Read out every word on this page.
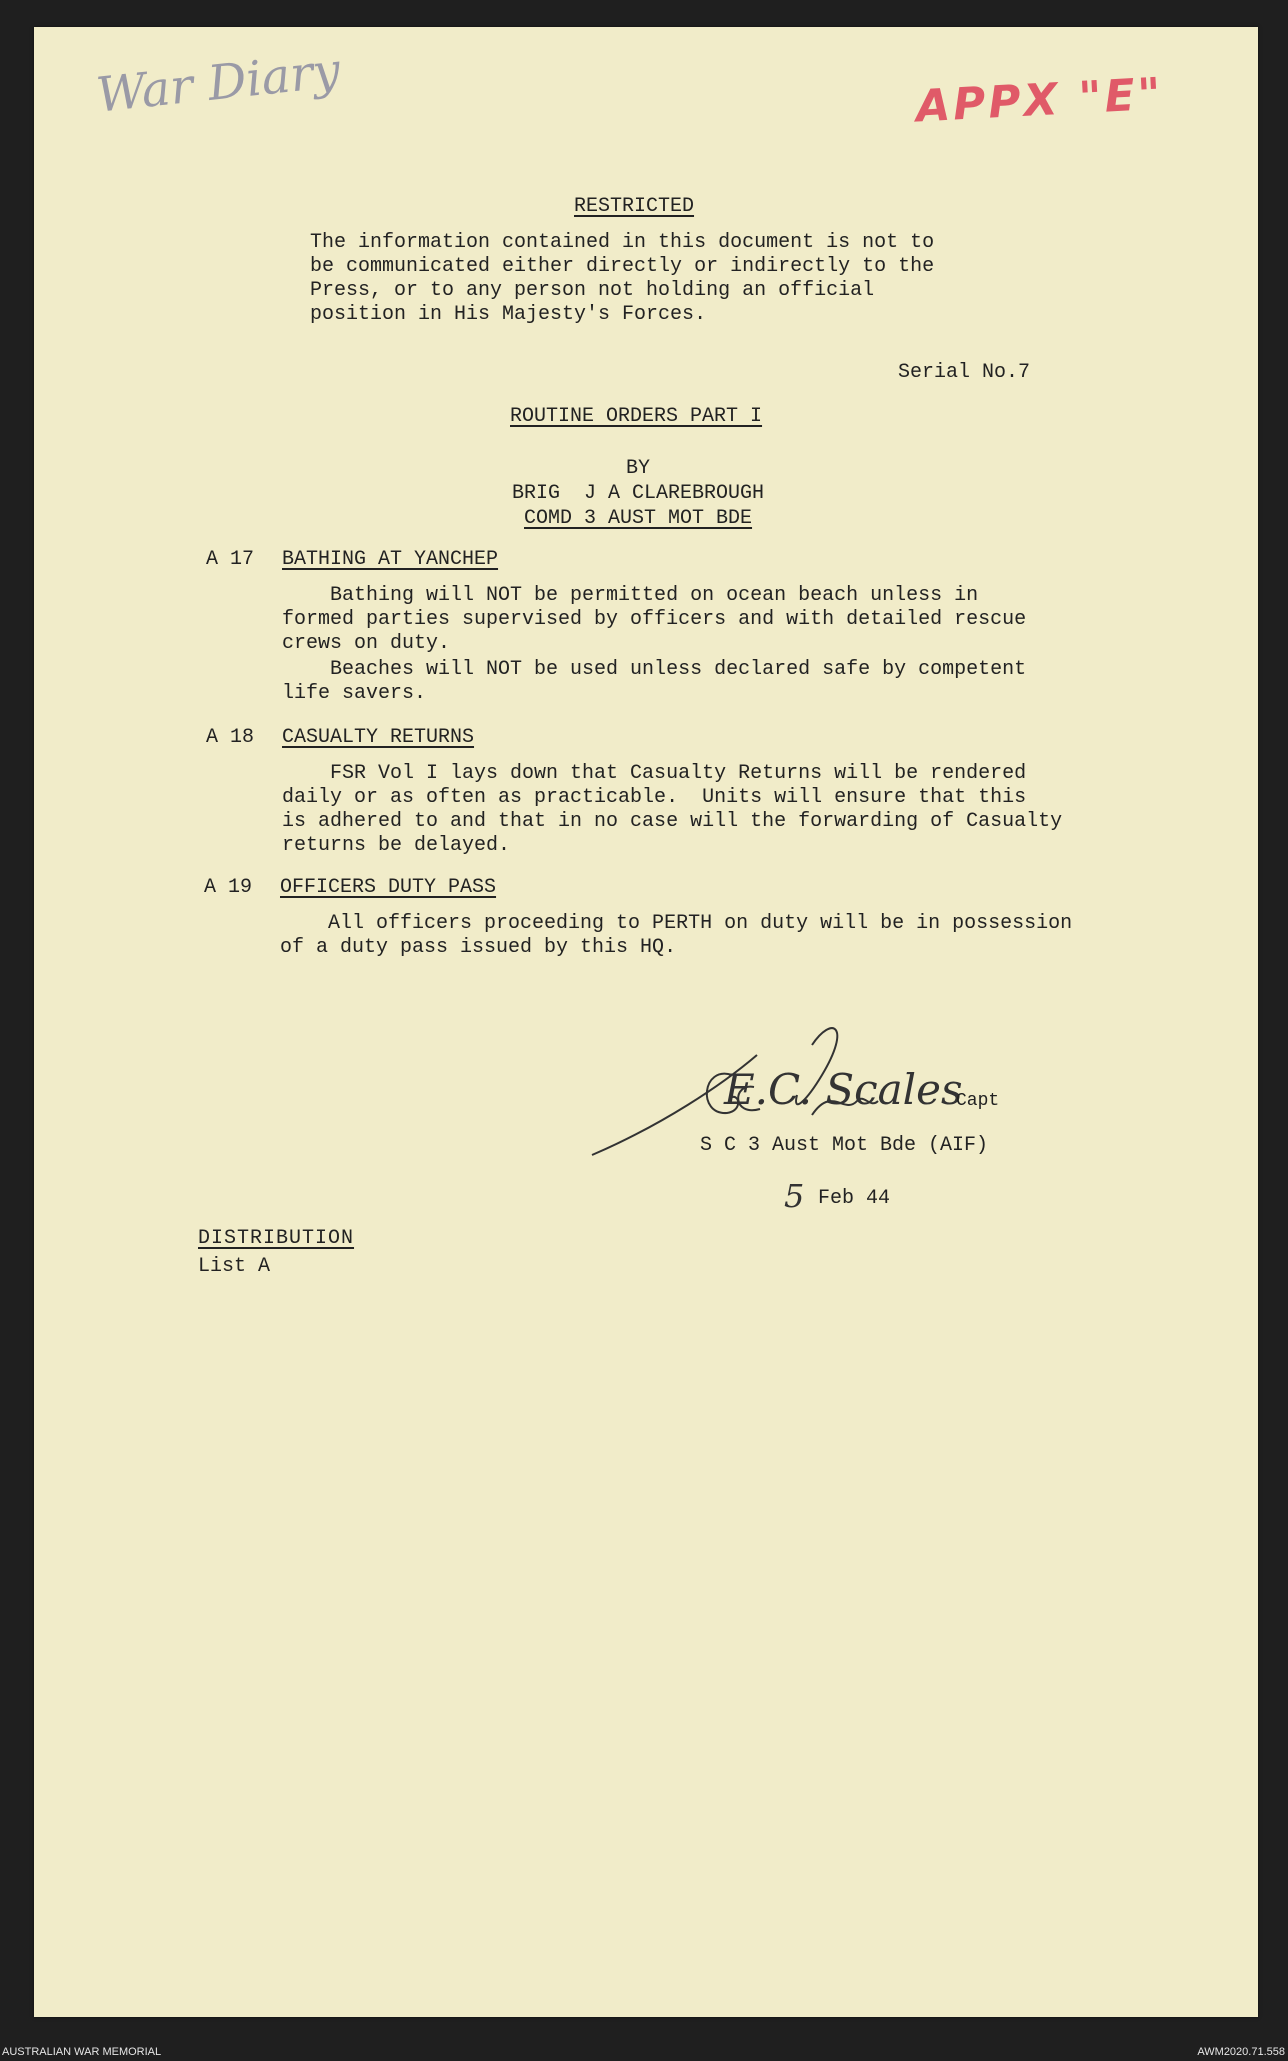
War Diary	APPX "E"
RESTRICTED
The information contained in this document is not to
be communicated either directly or indirectly to the
Press, or to any person not holding an official
position in His Majesty's Forces.
Serial No.7
ROUTINE ORDERS PART I
BY
BRIG  J A CLAREBROUGH
COMD 3 AUST MOT BDE
A 17 BATHING AT YANCHEP
Bathing will NOT be permitted on ocean beach unless in
formed parties supervised by officers and with detailed rescue
crews on duty.
Beaches will NOT be used unless declared safe by competent
life savers.
A 18 CASUALTY RETURNS
FSR Vol I lays down that Casualty Returns will be rendered
daily or as often as practicable.  Units will ensure that this
is adhered to and that in no case will the forwarding of Casualty
returns be delayed.
A 19 OFFICERS DUTY PASS
All officers proceeding to PERTH on duty will be in possession
of a duty pass issued by this HQ.
E.C. Scales
Capt
S C 3 Aust Mot Bde (AIF)
5 Feb 44
DISTRIBUTION
List A
AUSTRALIAN WAR MEMORIAL	AWM2020.71.558
